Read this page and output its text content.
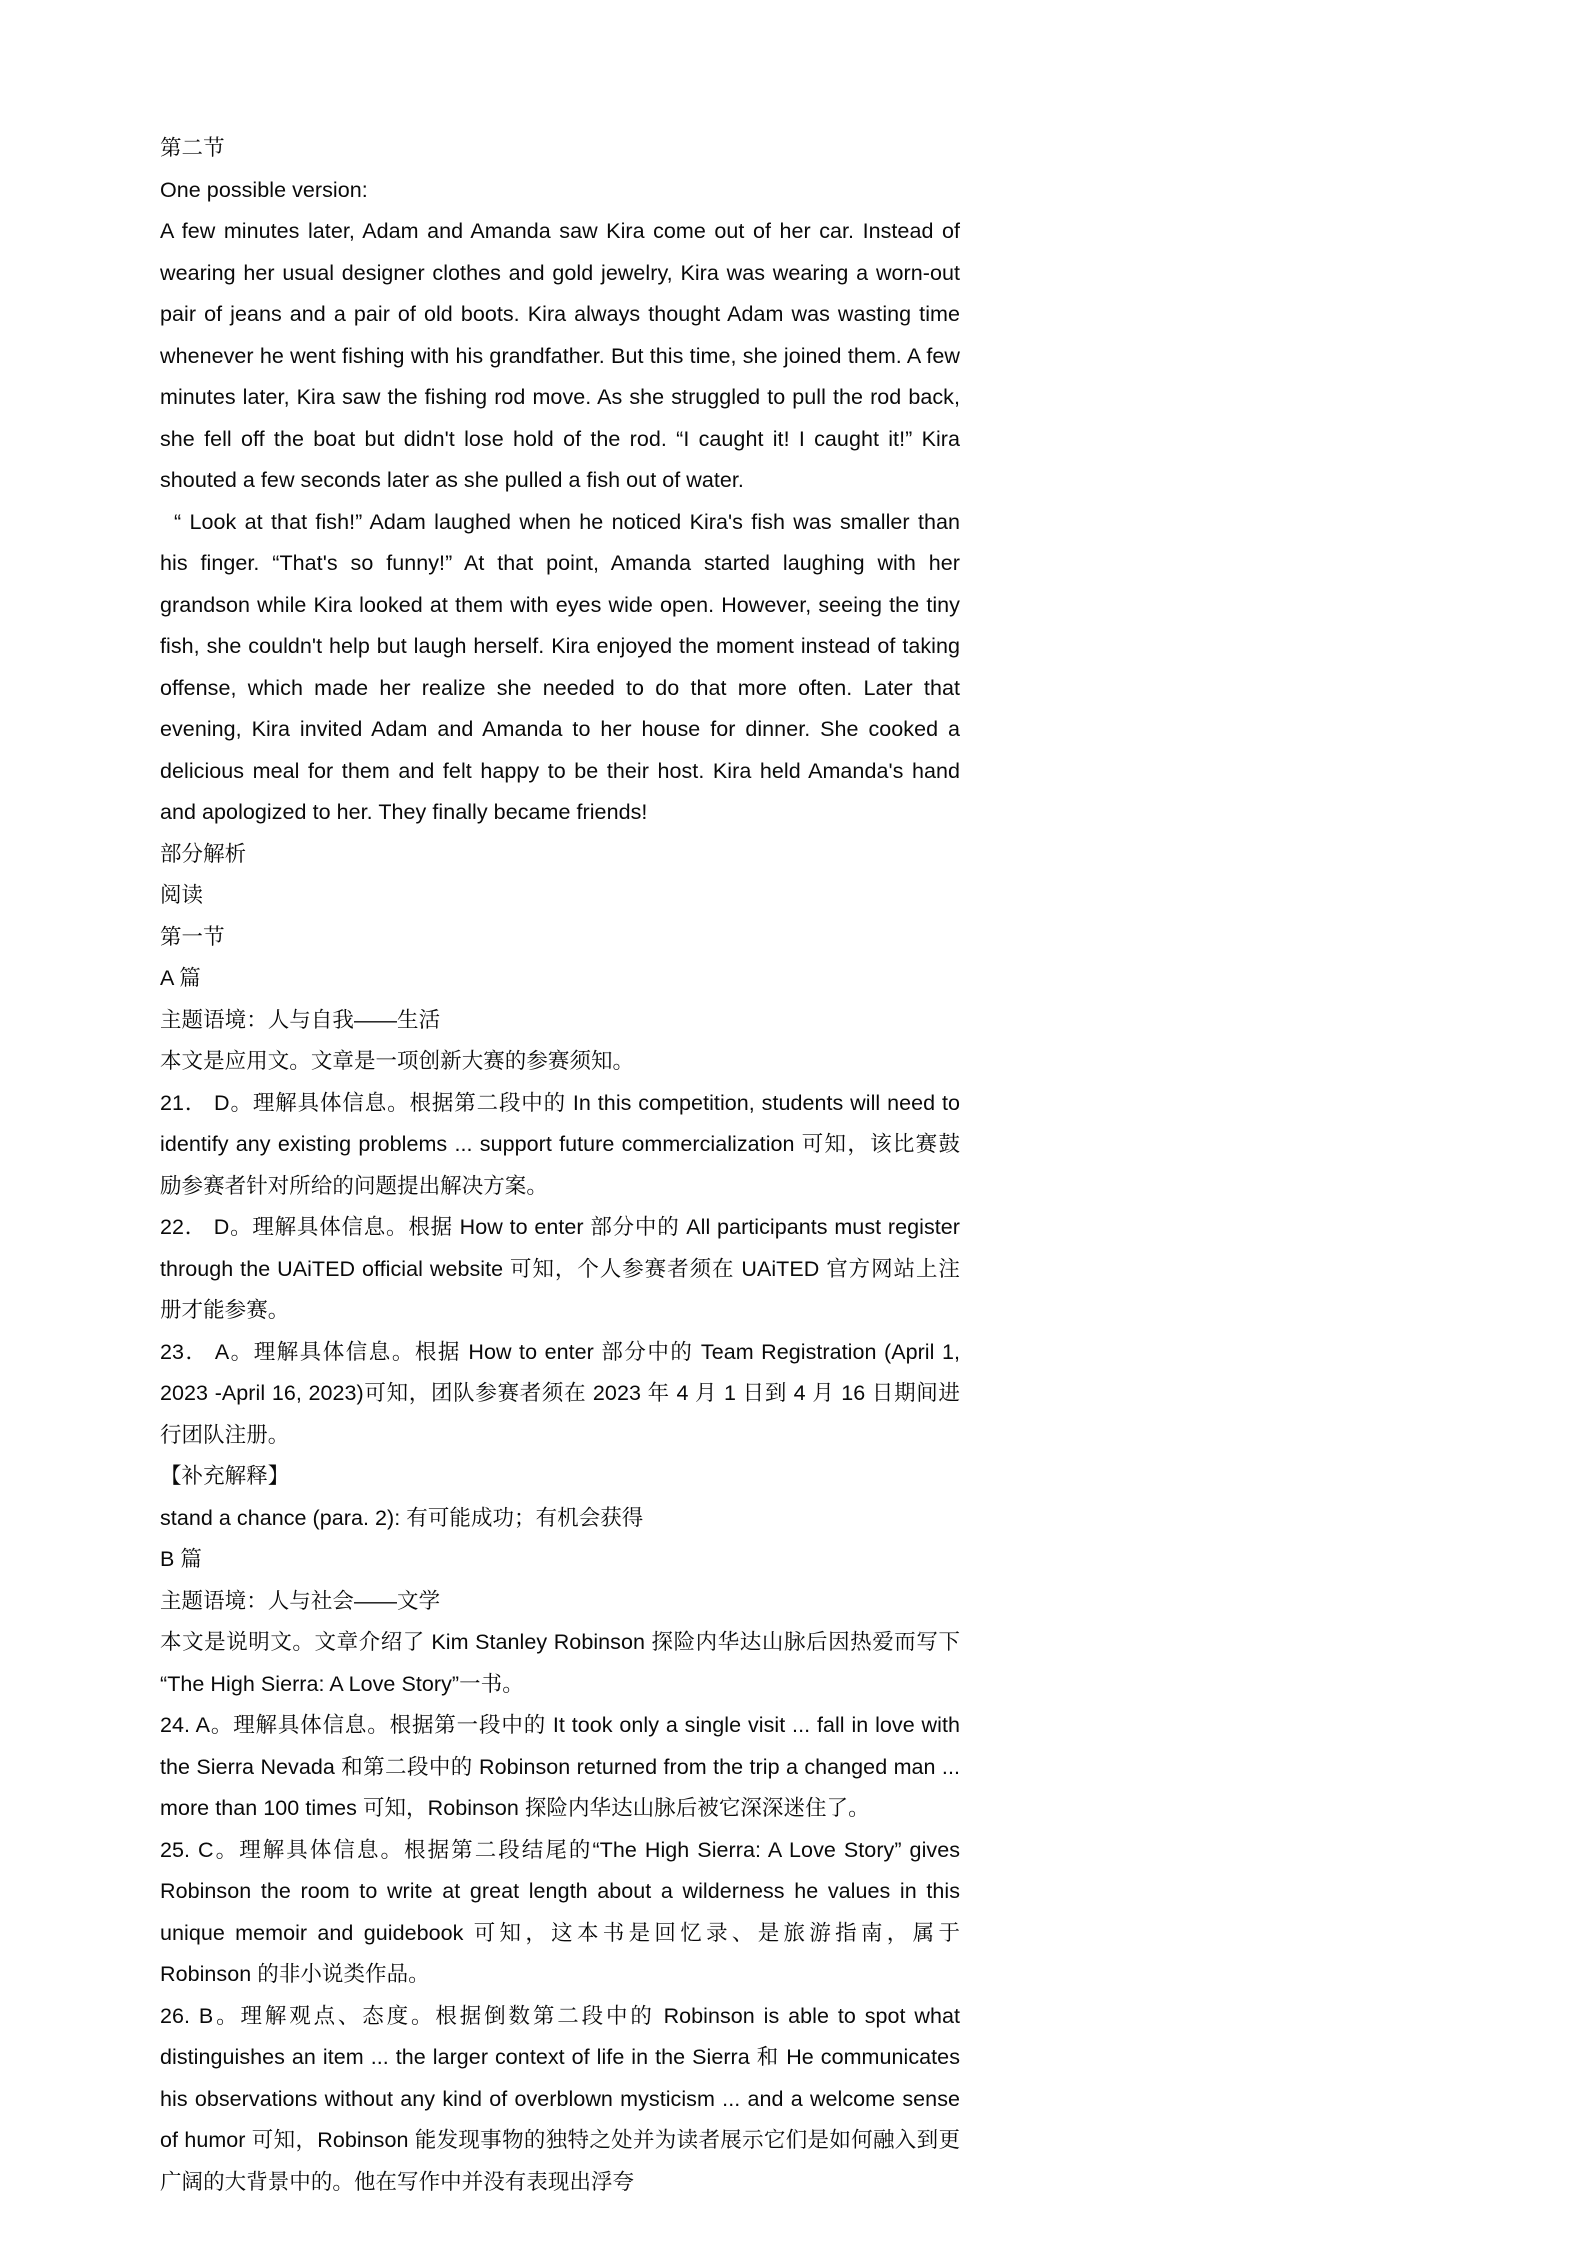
第二节
One possible version:

A few minutes later, Adam and Amanda saw Kira come out of her car. Instead of wearing her usual designer clothes and gold jewelry, Kira was wearing a worn-out pair of jeans and a pair of old boots. Kira always thought Adam was wasting time whenever he went fishing with his grandfather. But this time, she joined them. A few minutes later, Kira saw the fishing rod move. As she struggled to pull the rod back, she fell off the boat but didn't lose hold of the rod. “I caught it! I caught it!” Kira shouted a few seconds later as she pulled a fish out of water.

“ Look at that fish!” Adam laughed when he noticed Kira's fish was smaller than his finger. “That's so funny!” At that point, Amanda started laughing with her grandson while Kira looked at them with eyes wide open. However, seeing the tiny fish, she couldn't help but laugh herself. Kira enjoyed the moment instead of taking offense, which made her realize she needed to do that more often. Later that evening, Kira invited Adam and Amanda to her house for dinner. She cooked a delicious meal for them and felt happy to be their host. Kira held Amanda's hand and apologized to her. They finally became friends!

部分解析
阅读
第一节
A 篇
主题语境：人与自我——生活
本文是应用文。文章是一项创新大赛的参赛须知。

21． D。理解具体信息。根据第二段中的 In this competition, students will need to identify any existing problems ... support future commercialization 可知，该比赛鼓励参赛者针对所给的问题提出解决方案。

22． D。理解具体信息。根据 How to enter 部分中的 All participants must register through the UAiTED official website 可知，个人参赛者须在 UAiTED 官方网站上注册才能参赛。

23． A。理解具体信息。根据 How to enter 部分中的 Team Registration (April 1, 2023 -April 16, 2023)可知，团队参赛者须在 2023 年 4 月 1 日到 4 月 16 日期间进行团队注册。

【补充解释】
stand a chance (para. 2): 有可能成功；有机会获得
B 篇
主题语境：人与社会——文学

本文是说明文。文章介绍了 Kim Stanley Robinson 探险内华达山脉后因热爱而写下“The High Sierra: A Love Story”一书。

24. A。理解具体信息。根据第一段中的 It took only a single visit ... fall in love with the Sierra Nevada 和第二段中的 Robinson returned from the trip a changed man ... more than 100 times 可知，Robinson 探险内华达山脉后被它深深迷住了。

25. C。理解具体信息。根据第二段结尾的“The High Sierra: A Love Story” gives Robinson the room to write at great length about a wilderness he values in this unique memoir and guidebook 可知，这本书是回忆录、是旅游指南，属于 Robinson 的非小说类作品。

26. B。理解观点、态度。根据倒数第二段中的 Robinson is able to spot what distinguishes an item ... the larger context of life in the Sierra 和 He communicates his observations without any kind of overblown mysticism ... and a welcome sense of humor 可知，Robinson 能发现事物的独特之处并为读者展示它们是如何融入到更广阔的大背景中的。他在写作中并没有表现出浮夸
